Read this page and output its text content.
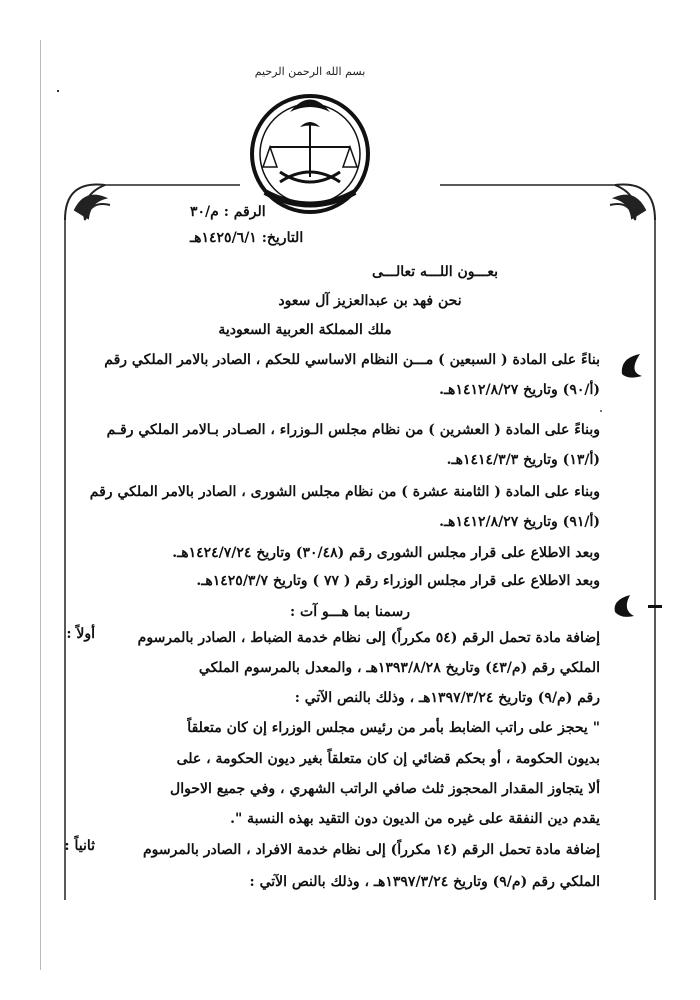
بسم الله الرحمن الرحيم
الرقم : م/٣٠
التاريخ: ١٤٢٥/٦/١هـ
بعـــون اللـــه تعالـــى
نحن فهد بن عبدالعزيز آل سعود
ملك المملكة العربية السعودية
بناءً على المادة ( السبعين ) مـــن النظام الاساسي للحكم ، الصادر بالامر الملكي رقم
(أ/٩٠) وتاريخ ١٤١٢/٨/٢٧هـ.
وبناءً على المادة ( العشرين ) من نظام مجلس الـوزراء ، الصـادر بـالامر الملكي رقـم
(أ/١٣) وتاريخ ١٤١٤/٣/٣هـ.
وبناء على المادة ( الثامنة عشرة ) من نظام مجلس الشورى ، الصادر بالامر الملكي رقم
(أ/٩١) وتاريخ ١٤١٢/٨/٢٧هـ.
وبعد الاطلاع على قرار مجلس الشورى رقم (٣٠/٤٨) وتاريخ ١٤٢٤/٧/٢٤هـ.
وبعد الاطلاع على قرار مجلس الوزراء رقم ( ٧٧ ) وتاريخ ١٤٢٥/٣/٧هـ.
رسمنا بما هـــو آت :
أولاً :	إضافة مادة تحمل الرقم (٥٤ مكرراً) إلى نظام خدمة الضباط ، الصادر بالمرسوم
الملكي رقم (م/٤٣) وتاريخ ١٣٩٣/٨/٢٨هـ ، والمعدل بالمرسوم الملكي
رقم (م/٩) وتاريخ ١٣٩٧/٣/٢٤هـ ، وذلك بالنص الآتي :
" يحجز على راتب الضابط بأمر من رئيس مجلس الوزراء إن كان متعلقاً
بديون الحكومة ، أو بحكم قضائي إن كان متعلقاً بغير ديون الحكومة ، على
ألا يتجاوز المقدار المحجوز ثلث صافي الراتب الشهري ، وفي جميع الاحوال
يقدم دين النفقة على غيره من الديون دون التقيد بهذه النسبة ".
ثانياً :	إضافة مادة تحمل الرقم (١٤ مكرراً) إلى نظام خدمة الافراد ، الصادر بالمرسوم
الملكي رقم (م/٩) وتاريخ ١٣٩٧/٣/٢٤هـ ، وذلك بالنص الآتي :
